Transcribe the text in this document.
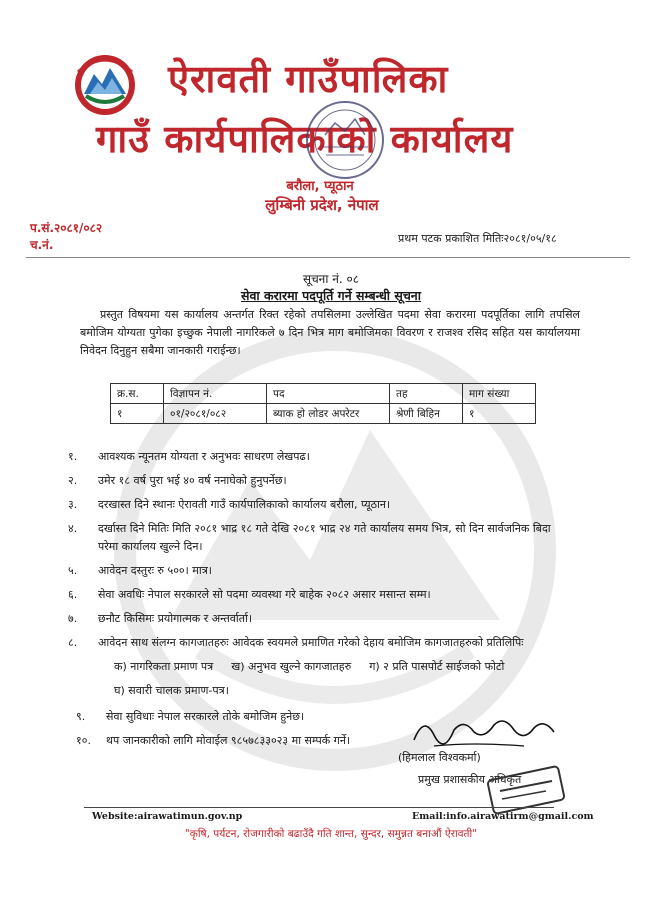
ऐरावती गाउँपालिका
गाउँ कार्यपालिकाको कार्यालय
बरौला, प्यूठान
लुम्बिनी प्रदेश, नेपाल
प.सं.२०८१/०८२
च.नं.	प्रथम पटक प्रकाशित मितिः२०८१/०५/१८
सूचना नं. ०८
सेवा करारमा पदपूर्ति गर्ने सम्बन्धी सूचना
प्रस्तुत विषयमा यस कार्यालय अन्तर्गत रिक्त रहेको तपसिलमा उल्लेखित पदमा सेवा करारमा पदपूर्तिका लागि तपसिल बमोजिम योग्यता पुगेका इच्छुक नेपाली नागरिकले ७ दिन भित्र माग बमोजिमका विवरण र राजश्व रसिद सहित यस कार्यालयमा निवेदन दिनुहुन सबैमा जानकारी गराईन्छ।
क्र.स.	विज्ञापन नं.	पद	तह	माग संख्या
१	०१/२०८१/०८२	ब्याक हो लोडर अपरेटर	श्रेणी बिहिन	१
१.	आवश्यक न्यूनतम योग्यता र अनुभवः साधरण लेखपढ।
२.	उमेर १८ वर्ष पुरा भई ४० वर्ष ननाघेको हुनुपर्नेछ।
३.	दरखास्त दिने स्थानः ऐरावती गाउँ कार्यपालिकाको कार्यालय बरौला, प्यूठान।
४.	दर्खास्त दिने मितिः मिति २०८१ भाद्र १८ गते देखि २०८१ भाद्र २४ गते कार्यालय समय भित्र, सो दिन सार्वजनिक बिदा परेमा कार्यालय खुल्ने दिन।
५.	आवेदन दस्तुरः रु ५००। मात्र।
६.	सेवा अवधिः नेपाल सरकारले सो पदमा व्यवस्था गरे बाहेक २०८२ असार मसान्त सम्म।
७.	छनौट किसिमः प्रयोगात्मक र अन्तर्वार्ता।
८.	आवेदन साथ संलग्न कागजातहरुः आवेदक स्वयमले प्रमाणित गरेको देहाय बमोजिम कागजातहरुको प्रतिलिपिः
क) नागरिकता प्रमाण पत्र ख) अनुभव खुल्ने कागजातहरु ग) २ प्रति पासपोर्ट साईजको फोटो
घ) सवारी चालक प्रमाण-पत्र।
९.	सेवा सुविधाः नेपाल सरकारले तोके बमोजिम हुनेछ।
१०.	थप जानकारीको लागि मोवाईल ९८५७८३३०२३ मा सम्पर्क गर्ने।
(हिमलाल विश्वकर्मा)
प्रमुख प्रशासकीय अधिकृत
Website:airawatimun.gov.np	Email:info.airawatirm@gmail.com
"कृषि, पर्यटन, रोजगारीको बढाउँदै गति शान्त, सुन्दर, समुन्नत बनाऔं ऐरावती"
